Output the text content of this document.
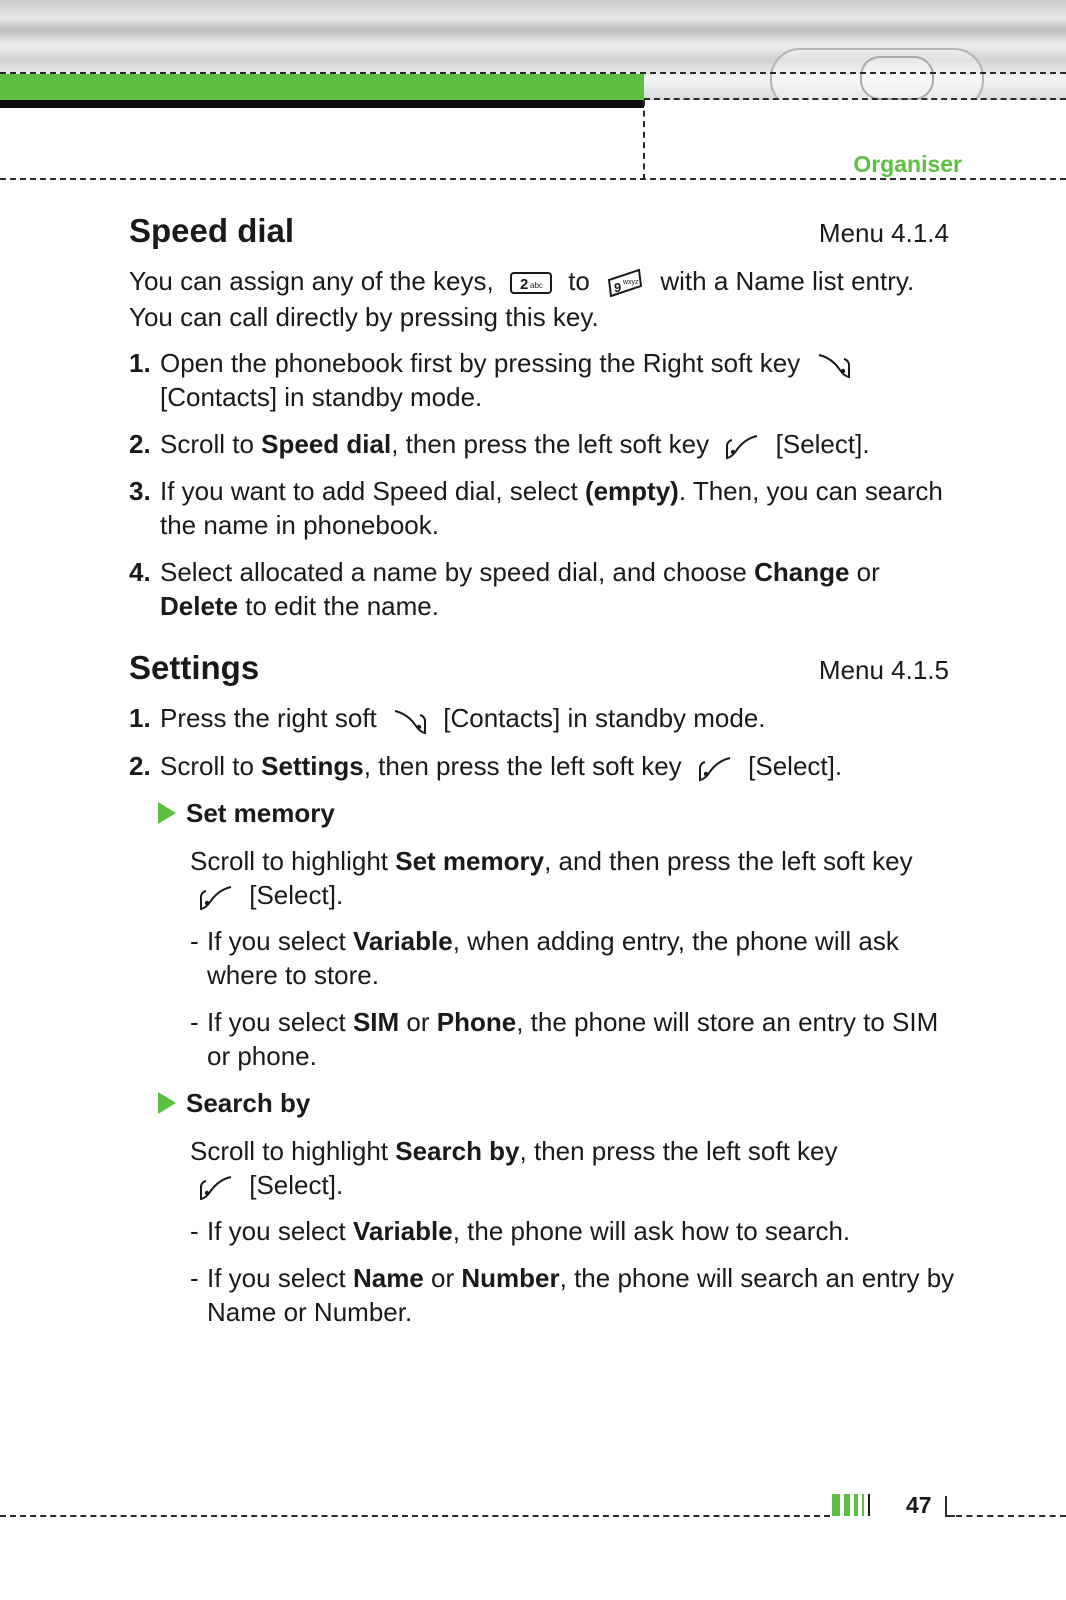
Organiser
Speed dial	Menu 4.1.4

You can assign any of the keys, 2 abc to 9 wxyz with a Name list entry.
You can call directly by pressing this key.

1. Open the phonebook first by pressing the Right soft key

[Contacts] in standby mode.
2. Scroll to Speed dial, then press the left soft key	[Select].
3. If you want to add Speed dial, select (empty). Then, you can search the name in phonebook.
4. Select allocated a name by speed dial, and choose Change or
Delete to edit the name.
Settings	Menu 4.1.5
1. Press the right soft	[Contacts] in standby mode.
2. Scroll to Settings, then press the left soft key	[Select].
Set memory

Scroll to highlight Set memory, and then press the left soft key
[Select].

- If you select Variable, when adding entry, the phone will ask where to store.
- If you select SIM or Phone, the phone will store an entry to SIM or phone.
Search by

Scroll to highlight Search by, then press the left soft key

[Select].

- If you select Variable, the phone will ask how to search.
- If you select Name or Number, the phone will search an entry by Name or Number.
47
